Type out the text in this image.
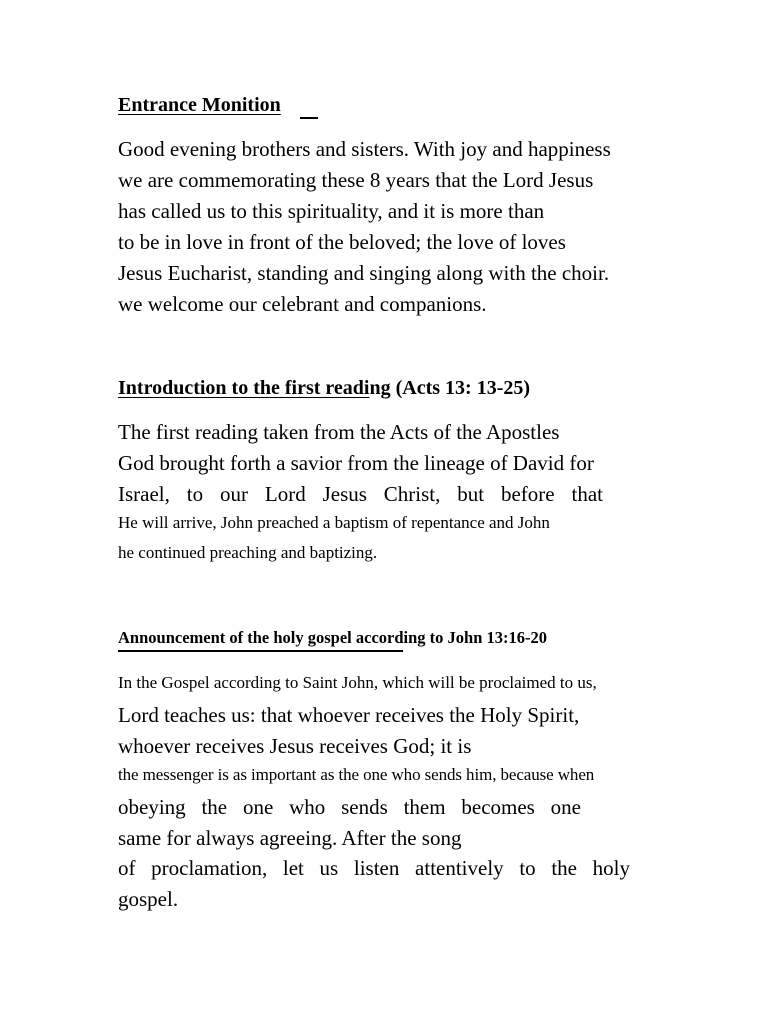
Entrance Monition
Good evening brothers and sisters. With joy and happiness
we are commemorating these 8 years that the Lord Jesus
has called us to this spirituality, and it is more than
to be in love in front of the beloved; the love of loves
Jesus Eucharist, standing and singing along with the choir.
we welcome our celebrant and companions.
Introduction to the first reading (Acts 13: 13-25)
The first reading taken from the Acts of the Apostles
God brought forth a savior from the lineage of David for
Israel, to our Lord Jesus Christ, but before that
He will arrive, John preached a baptism of repentance and John
he continued preaching and baptizing.
Announcement of the holy gospel according to John 13:16-20
In the Gospel according to Saint John, which will be proclaimed to us,
Lord teaches us: that whoever receives the Holy Spirit,
whoever receives Jesus receives God; it is
the messenger is as important as the one who sends him, because when
obeying the one who sends them becomes one
same for always agreeing. After the song
of proclamation, let us listen attentively to the holy
gospel.
